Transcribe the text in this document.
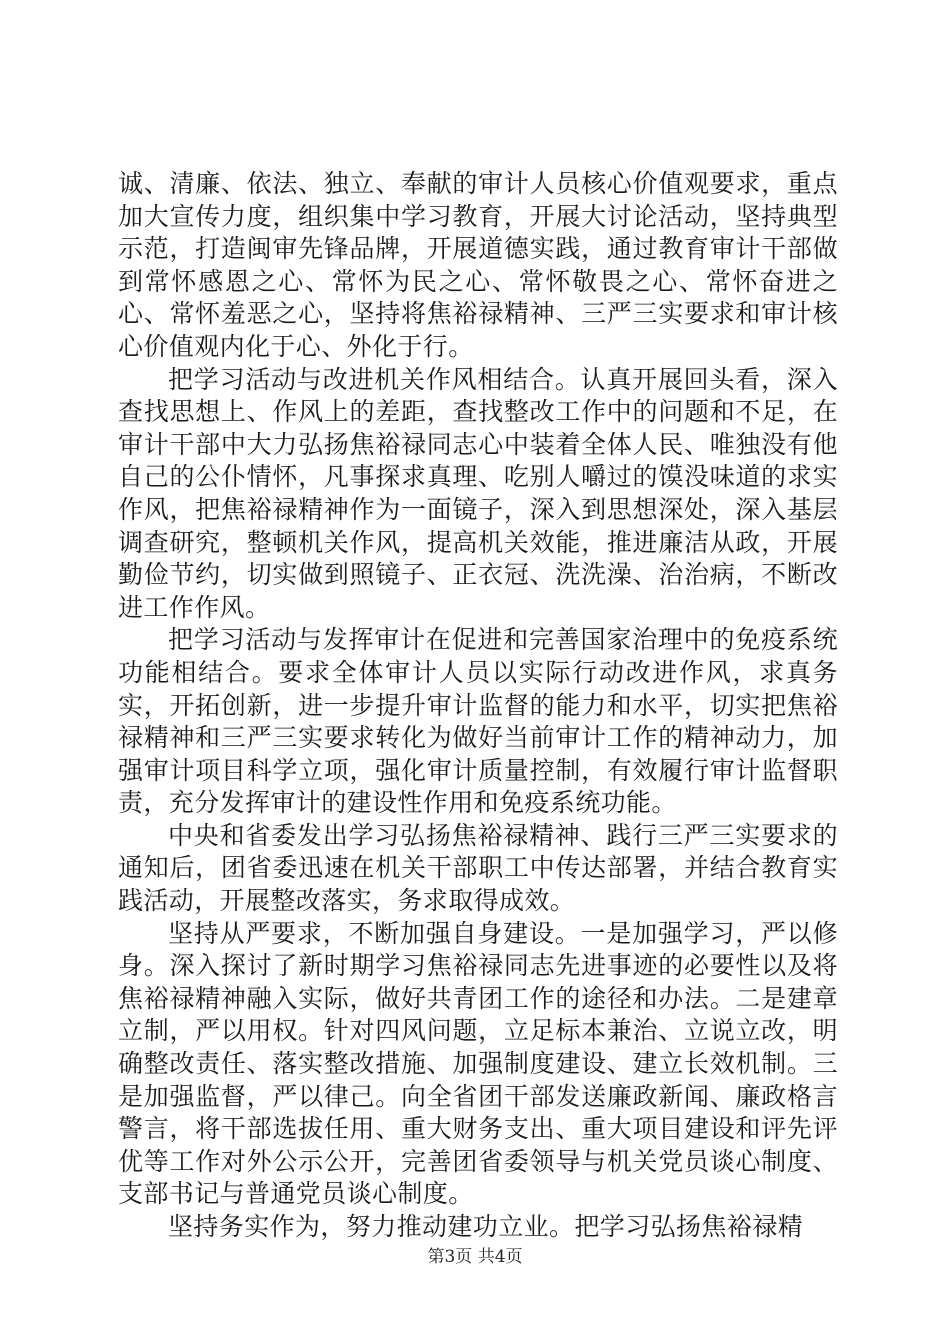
诚、清廉、依法、独立、奉献的审计人员核心价值观要求，重点加大宣传力度，组织集中学习教育，开展大讨论活动，坚持典型示范，打造闽审先锋品牌，开展道德实践，通过教育审计干部做到常怀感恩之心、常怀为民之心、常怀敬畏之心、常怀奋进之心、常怀羞恶之心，坚持将焦裕禄精神、三严三实要求和审计核心价值观内化于心、外化于行。

把学习活动与改进机关作风相结合。认真开展回头看，深入查找思想上、作风上的差距，查找整改工作中的问题和不足，在审计干部中大力弘扬焦裕禄同志心中装着全体人民、唯独没有他自己的公仆情怀，凡事探求真理、吃别人嚼过的馍没味道的求实作风，把焦裕禄精神作为一面镜子，深入到思想深处，深入基层调查研究，整顿机关作风，提高机关效能，推进廉洁从政，开展勤俭节约，切实做到照镜子、正衣冠、洗洗澡、治治病，不断改进工作作风。

把学习活动与发挥审计在促进和完善国家治理中的免疫系统功能相结合。要求全体审计人员以实际行动改进作风，求真务实，开拓创新，进一步提升审计监督的能力和水平，切实把焦裕禄精神和三严三实要求转化为做好当前审计工作的精神动力，加强审计项目科学立项，强化审计质量控制，有效履行审计监督职责，充分发挥审计的建设性作用和免疫系统功能。

中央和省委发出学习弘扬焦裕禄精神、践行三严三实要求的通知后，团省委迅速在机关干部职工中传达部署，并结合教育实践活动，开展整改落实，务求取得成效。

坚持从严要求，不断加强自身建设。一是加强学习，严以修身。深入探讨了新时期学习焦裕禄同志先进事迹的必要性以及将焦裕禄精神融入实际，做好共青团工作的途径和办法。二是建章立制，严以用权。针对四风问题，立足标本兼治、立说立改，明确整改责任、落实整改措施、加强制度建设、建立长效机制。三是加强监督，严以律己。向全省团干部发送廉政新闻、廉政格言警言，将干部选拔任用、重大财务支出、重大项目建设和评先评优等工作对外公示公开，完善团省委领导与机关党员谈心制度、支部书记与普通党员谈心制度。

坚持务实作为，努力推动建功立业。把学习弘扬焦裕禄精

第3页 共4页
